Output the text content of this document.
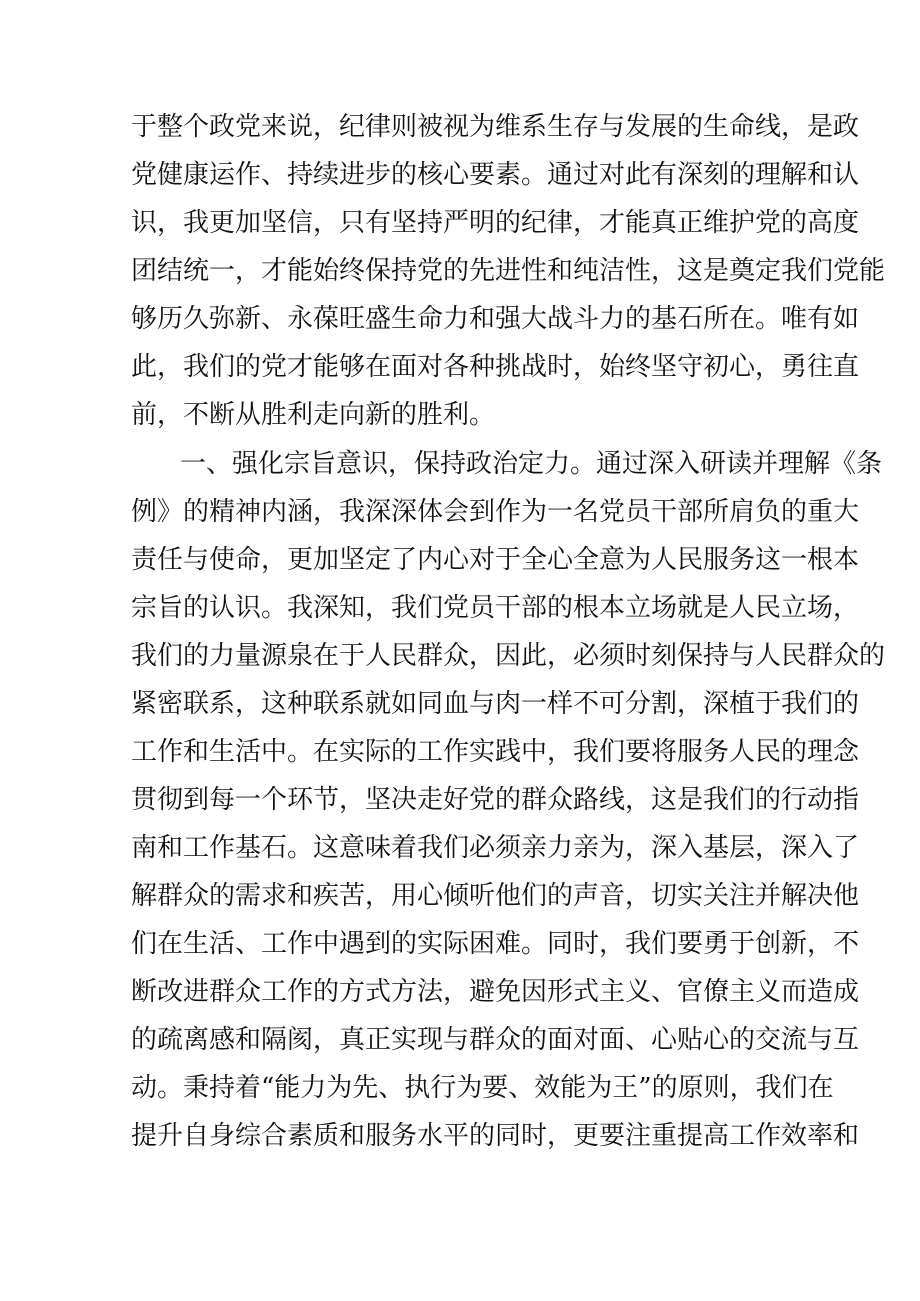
于整个政党来说，纪律则被视为维系生存与发展的生命线，是政
党健康运作、持续进步的核心要素。通过对此有深刻的理解和认
识，我更加坚信，只有坚持严明的纪律，才能真正维护党的高度
团结统一，才能始终保持党的先进性和纯洁性，这是奠定我们党能
够历久弥新、永葆旺盛生命力和强大战斗力的基石所在。唯有如
此，我们的党才能够在面对各种挑战时，始终坚守初心，勇往直
前，不断从胜利走向新的胜利。
一、强化宗旨意识，保持政治定力。通过深入研读并理解《条
例》的精神内涵，我深深体会到作为一名党员干部所肩负的重大
责任与使命，更加坚定了内心对于全心全意为人民服务这一根本
宗旨的认识。我深知，我们党员干部的根本立场就是人民立场，
我们的力量源泉在于人民群众，因此，必须时刻保持与人民群众的
紧密联系，这种联系就如同血与肉一样不可分割，深植于我们的
工作和生活中。在实际的工作实践中，我们要将服务人民的理念
贯彻到每一个环节，坚决走好党的群众路线，这是我们的行动指
南和工作基石。这意味着我们必须亲力亲为，深入基层，深入了
解群众的需求和疾苦，用心倾听他们的声音，切实关注并解决他
们在生活、工作中遇到的实际困难。同时，我们要勇于创新，不
断改进群众工作的方式方法，避免因形式主义、官僚主义而造成
的疏离感和隔阂，真正实现与群众的面对面、心贴心的交流与互
动。秉持着“能力为先、执行为要、效能为王”的原则，我们在
提升自身综合素质和服务水平的同时，更要注重提高工作效率和
